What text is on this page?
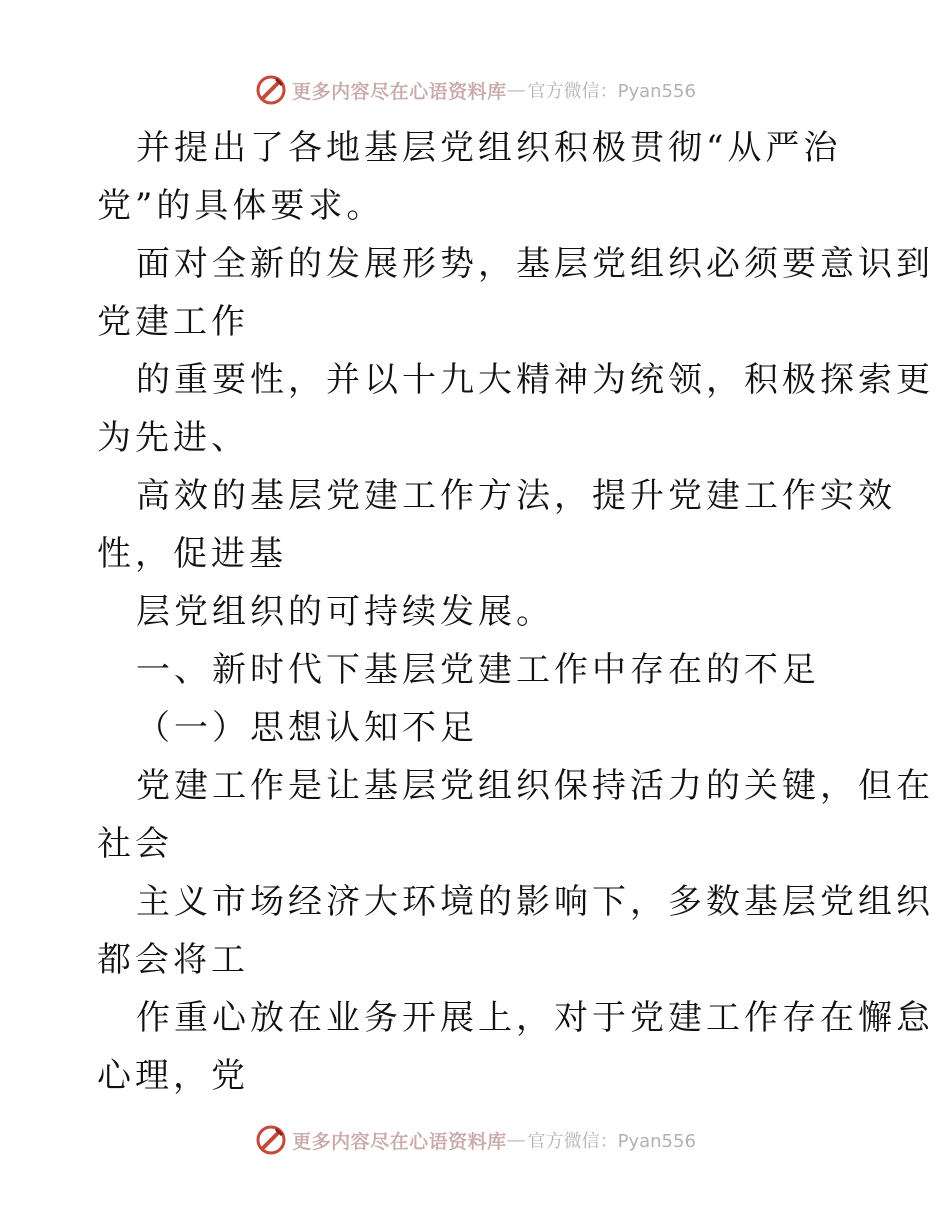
更多内容尽在心语资料库 — 官方微信：Pyan556

并提出了各地基层党组织积极贯彻“从严治

党”的具体要求。

面对全新的发展形势，基层党组织必须要意识到

党建工作

的重要性，并以十九大精神为统领，积极探索更

为先进、

高效的基层党建工作方法，提升党建工作实效

性，促进基

层党组织的可持续发展。

一、新时代下基层党建工作中存在的不足

（一）思想认知不足

党建工作是让基层党组织保持活力的关键，但在

社会

主义市场经济大环境的影响下，多数基层党组织

都会将工

作重心放在业务开展上，对于党建工作存在懈怠

心理，党

更多内容尽在心语资料库 — 官方微信：Pyan556
